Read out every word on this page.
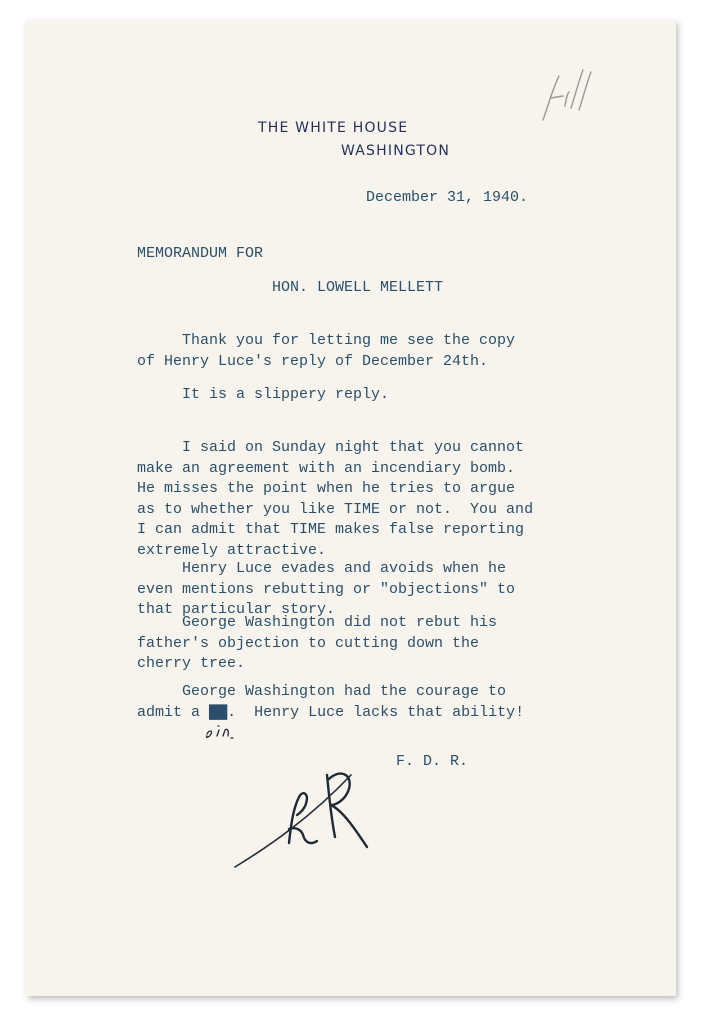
THE WHITE HOUSE
WASHINGTON
December 31, 1940.
MEMORANDUM FOR
HON. LOWELL MELLETT
Thank you for letting me see the copy
of Henry Luce's reply of December 24th.
It is a slippery reply.
I said on Sunday night that you cannot
make an agreement with an incendiary bomb.
He misses the point when he tries to argue
as to whether you like TIME or not.  You and
I can admit that TIME makes false reporting
extremely attractive.
Henry Luce evades and avoids when he
even mentions rebutting or "objections" to
that particular story.
George Washington did not rebut his
father's objection to cutting down the
cherry tree.
George Washington had the courage to
admit a ▇▇.  Henry Luce lacks that ability!
F. D. R.
